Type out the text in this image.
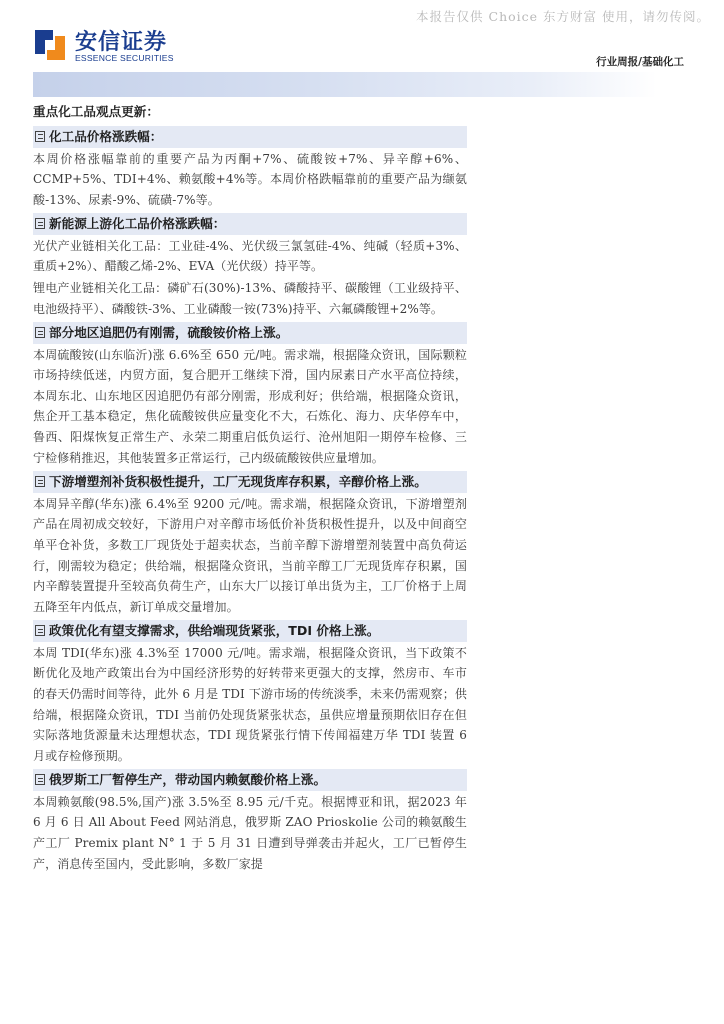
本报告仅供 Choice 东方财富 使用，请勿传阅。
安信证券
ESSENCE SECURITIES	行业周报/基础化工
重点化工品观点更新：
化工品价格涨跌幅：

本周价格涨幅靠前的重要产品为丙酮+7%、硫酸铵+7%、异辛醇+6%、CCMP+5%、TDI+4%、赖氨酸+4%等。本周价格跌幅靠前的重要产品为缬氨酸-13%、尿素-9%、硫磺-7%等。

新能源上游化工品价格涨跌幅：

光伏产业链相关化工品：工业硅-4%、光伏级三氯氢硅-4%、纯碱（轻质+3%、重质+2%）、醋酸乙烯-2%、EVA（光伏级）持平等。

锂电产业链相关化工品：磷矿石(30%)-13%、磷酸持平、碳酸锂（工业级持平、电池级持平）、磷酸铁-3%、工业磷酸一铵(73%)持平、六氟磷酸锂+2%等。

部分地区追肥仍有刚需，硫酸铵价格上涨。

本周硫酸铵(山东临沂)涨 6.6%至 650 元/吨。需求端，根据隆众资讯，国际颗粒市场持续低迷，内贸方面，复合肥开工继续下滑，国内尿素日产水平高位持续，本周东北、山东地区因追肥仍有部分刚需，形成利好；供给端，根据隆众资讯，焦企开工基本稳定，焦化硫酸铵供应量变化不大，石炼化、海力、庆华停车中，鲁西、阳煤恢复正常生产、永荣二期重启低负运行、沧州旭阳一期停车检修、三宁检修稍推迟，其他装置多正常运行，己内级硫酸铵供应量增加。

下游增塑剂补货积极性提升，工厂无现货库存积累，辛醇价格上涨。

本周异辛醇(华东)涨 6.4%至 9200 元/吨。需求端，根据隆众资讯，下游增塑剂产品在周初成交较好，下游用户对辛醇市场低价补货积极性提升，以及中间商空单平仓补货，多数工厂现货处于超卖状态，当前辛醇下游增塑剂装置中高负荷运行，刚需较为稳定；供给端，根据隆众资讯，当前辛醇工厂无现货库存积累，国内辛醇装置提升至较高负荷生产，山东大厂以接订单出货为主，工厂价格于上周五降至年内低点，新订单成交量增加。

政策优化有望支撑需求，供给端现货紧张，TDI 价格上涨。

本周 TDI(华东)涨 4.3%至 17000 元/吨。需求端，根据隆众资讯，当下政策不断优化及地产政策出台为中国经济形势的好转带来更强大的支撑，然房市、车市的春天仍需时间等待，此外 6 月是 TDI 下游市场的传统淡季，未来仍需观察；供给端，根据隆众资讯，TDI 当前仍处现货紧张状态，虽供应增量预期依旧存在但实际落地货源量未达理想状态，TDI 现货紧张行情下传闻福建万华 TDI 装置 6 月或存检修预期。

俄罗斯工厂暂停生产，带动国内赖氨酸价格上涨。

本周赖氨酸(98.5%,国产)涨 3.5%至 8.95 元/千克。根据博亚和讯，据2023 年 6 月 6 日 All About Feed 网站消息，俄罗斯 ZAO Prioskolie 公司的赖氨酸生产工厂 Premix plant N° 1 于 5 月 31 日遭到导弹袭击并起火，工厂已暂停生产，消息传至国内，受此影响，多数厂家提
